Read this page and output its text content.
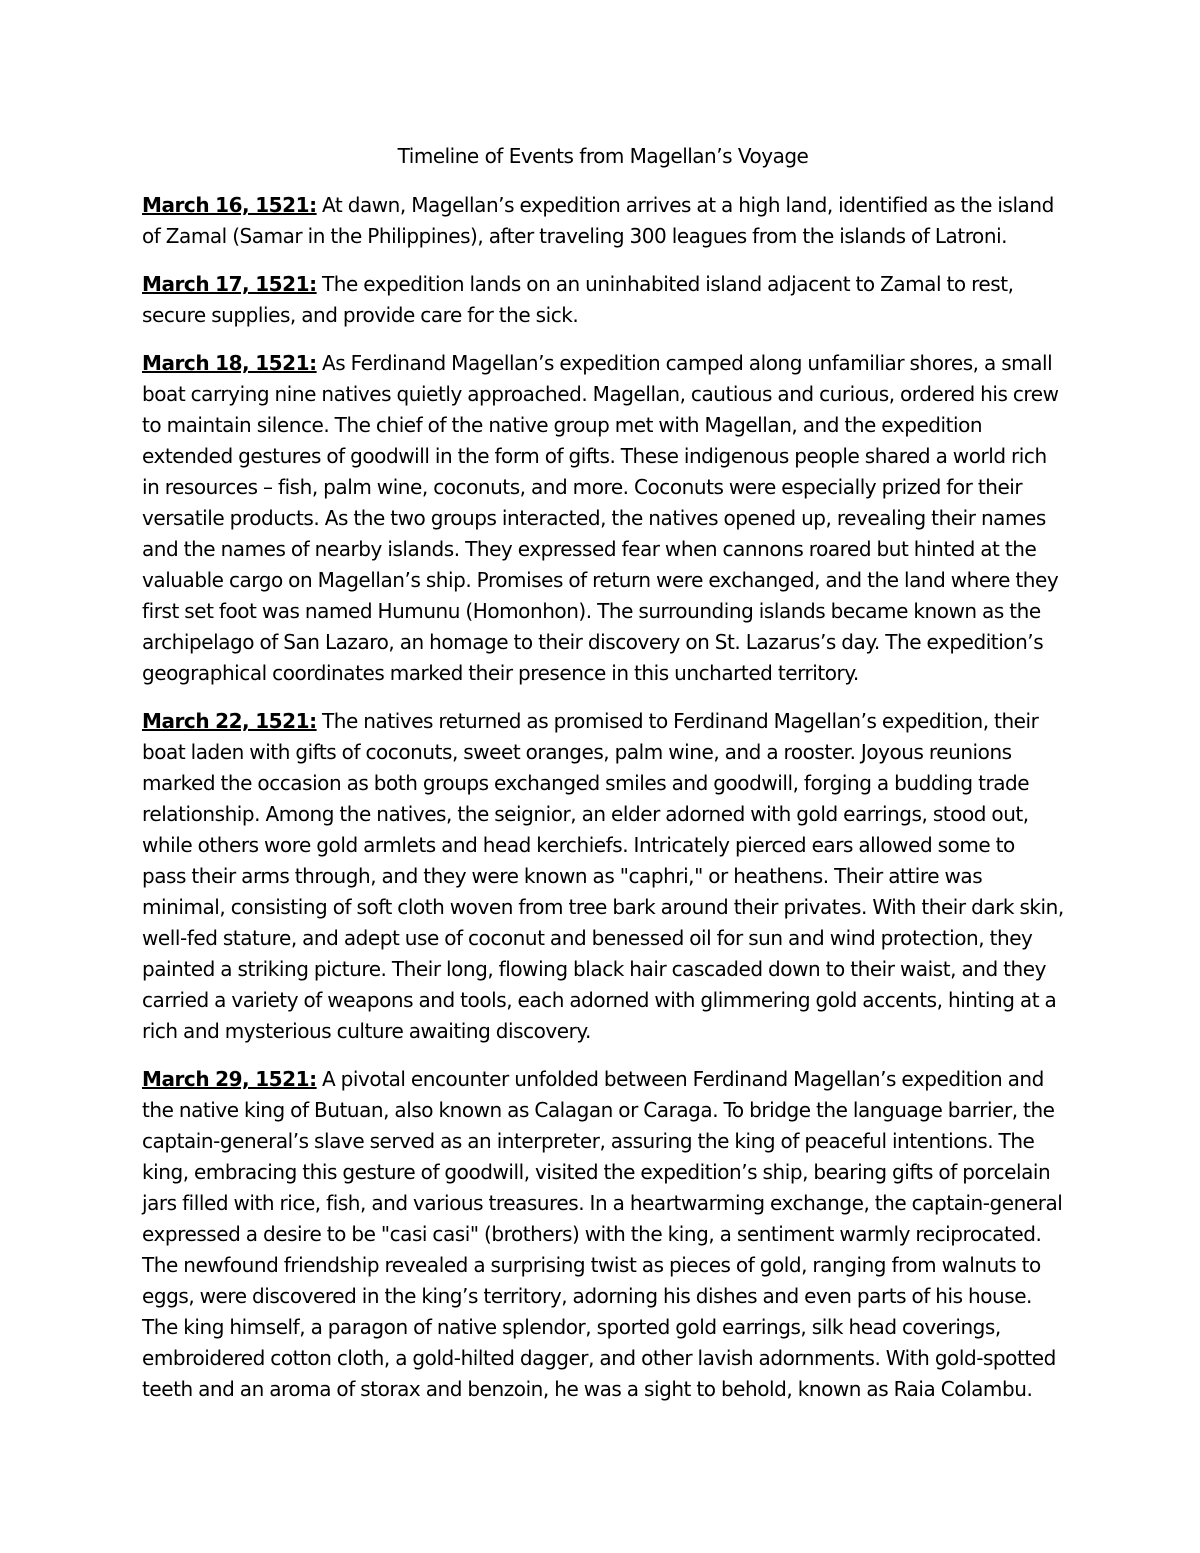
Timeline of Events from Magellan’s Voyage

March 16, 1521: At dawn, Magellan’s expedition arrives at a high land, identified as the island of Zamal (Samar in the Philippines), after traveling 300 leagues from the islands of Latroni.

March 17, 1521: The expedition lands on an uninhabited island adjacent to Zamal to rest, secure supplies, and provide care for the sick.

March 18, 1521: As Ferdinand Magellan’s expedition camped along unfamiliar shores, a small boat carrying nine natives quietly approached. Magellan, cautious and curious, ordered his crew to maintain silence. The chief of the native group met with Magellan, and the expedition extended gestures of goodwill in the form of gifts. These indigenous people shared a world rich in resources – fish, palm wine, coconuts, and more. Coconuts were especially prized for their versatile products. As the two groups interacted, the natives opened up, revealing their names and the names of nearby islands. They expressed fear when cannons roared but hinted at the valuable cargo on Magellan’s ship. Promises of return were exchanged, and the land where they first set foot was named Humunu (Homonhon). The surrounding islands became known as the archipelago of San Lazaro, an homage to their discovery on St. Lazarus’s day. The expedition’s geographical coordinates marked their presence in this uncharted territory.

March 22, 1521: The natives returned as promised to Ferdinand Magellan’s expedition, their boat laden with gifts of coconuts, sweet oranges, palm wine, and a rooster. Joyous reunions marked the occasion as both groups exchanged smiles and goodwill, forging a budding trade relationship. Among the natives, the seignior, an elder adorned with gold earrings, stood out, while others wore gold armlets and head kerchiefs. Intricately pierced ears allowed some to pass their arms through, and they were known as "caphri," or heathens. Their attire was minimal, consisting of soft cloth woven from tree bark around their privates. With their dark skin, well-fed stature, and adept use of coconut and benessed oil for sun and wind protection, they painted a striking picture. Their long, flowing black hair cascaded down to their waist, and they carried a variety of weapons and tools, each adorned with glimmering gold accents, hinting at a rich and mysterious culture awaiting discovery.

March 29, 1521: A pivotal encounter unfolded between Ferdinand Magellan’s expedition and the native king of Butuan, also known as Calagan or Caraga. To bridge the language barrier, the captain-general’s slave served as an interpreter, assuring the king of peaceful intentions. The king, embracing this gesture of goodwill, visited the expedition’s ship, bearing gifts of porcelain jars filled with rice, fish, and various treasures. In a heartwarming exchange, the captain-general expressed a desire to be "casi casi" (brothers) with the king, a sentiment warmly reciprocated. The newfound friendship revealed a surprising twist as pieces of gold, ranging from walnuts to eggs, were discovered in the king’s territory, adorning his dishes and even parts of his house. The king himself, a paragon of native splendor, sported gold earrings, silk head coverings, embroidered cotton cloth, a gold-hilted dagger, and other lavish adornments. With gold-spotted teeth and an aroma of storax and benzoin, he was a sight to behold, known as Raia Colambu.
